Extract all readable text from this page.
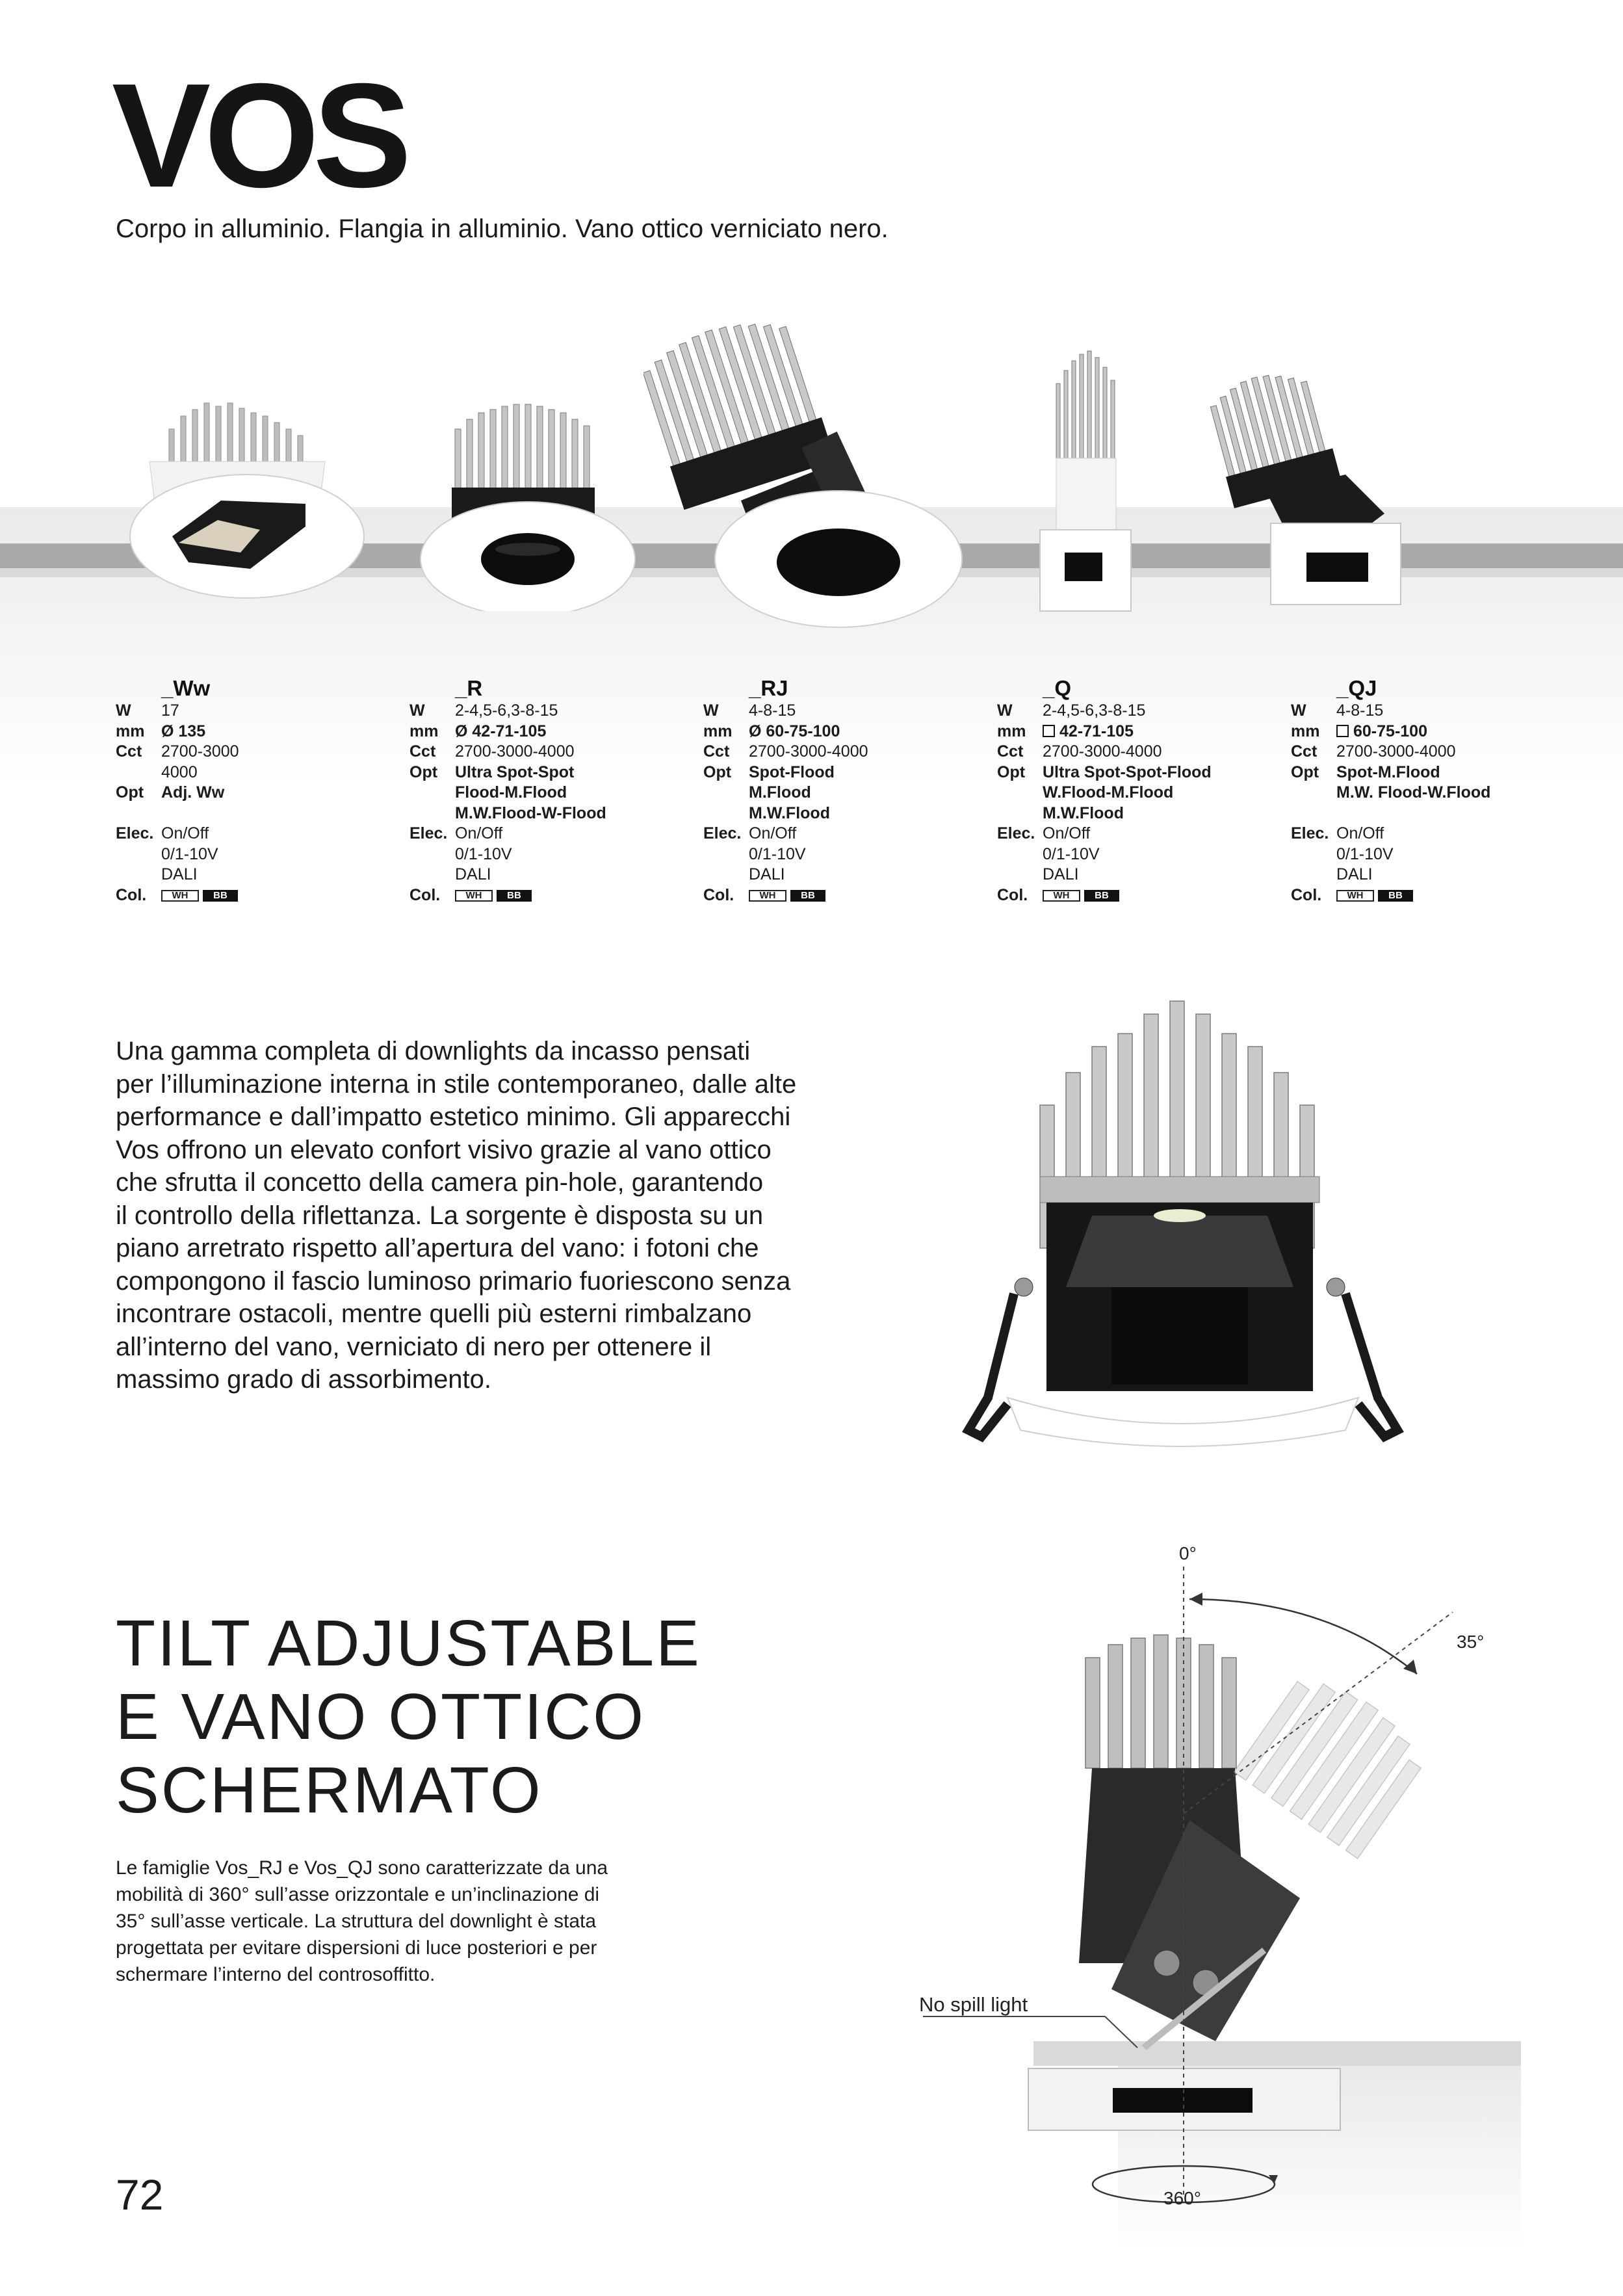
VOS
Corpo in alluminio. Flangia in alluminio. Vano ottico verniciato nero.
_Ww
W	17
mm	Ø 135
Cct	2700-3000
4000
Opt	Adj. Ww

Elec. On/Off
0/1-10V
DALI
Col.	WH	BB
_R
W	2-4,5-6,3-8-15
mm	Ø 42-71-105
Cct	2700-3000-4000
Opt	Ultra Spot-Spot
Flood-M.Flood
M.W.Flood-W-Flood
Elec. On/Off
0/1-10V
DALI
Col.	WH	BB
_RJ
W	4-8-15
mm	Ø 60-75-100
Cct	2700-3000-4000
Opt	Spot-Flood
M.Flood
M.W.Flood
Elec. On/Off
0/1-10V
DALI
Col.	WH	BB
_Q
W	2-4,5-6,3-8-15
mm	42-71-105
Cct	2700-3000-4000
Opt	Ultra Spot-Spot-Flood
W.Flood-M.Flood
M.W.Flood
Elec. On/Off
0/1-10V
DALI
Col.	WH	BB
_QJ
W	4-8-15
mm	60-75-100
Cct	2700-3000-4000
Opt	Spot-M.Flood
M.W. Flood-W.Flood

Elec. On/Off
0/1-10V
DALI
Col.	WH	BB
Una gamma completa di downlights da incasso pensati
per l’illuminazione interna in stile contemporaneo, dalle alte
performance e dall’impatto estetico minimo. Gli apparecchi
Vos offrono un elevato confort visivo grazie al vano ottico
che sfrutta il concetto della camera pin-hole, garantendo
il controllo della riflettanza. La sorgente è disposta su un
piano arretrato rispetto all’apertura del vano: i fotoni che
compongono il fascio luminoso primario fuoriescono senza
incontrare ostacoli, mentre quelli più esterni rimbalzano
all’interno del vano, verniciato di nero per ottenere il
massimo grado di assorbimento.
TILT ADJUSTABLE
E VANO OTTICO
SCHERMATO
Le famiglie Vos_RJ e Vos_QJ sono caratterizzate da una
mobilità di 360° sull’asse orizzontale e un’inclinazione di
35° sull’asse verticale. La struttura del downlight è stata
progettata per evitare dispersioni di luce posteriori e per
schermare l’interno del controsoffitto.
0°
35°
360°
No spill light
72
